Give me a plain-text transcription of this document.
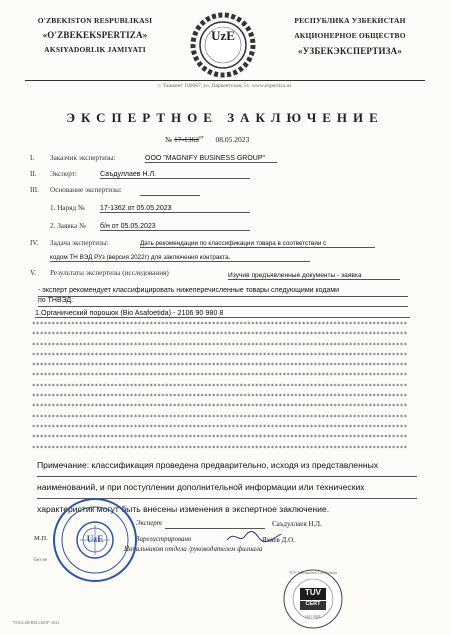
O'ZBEKISTON RESPUBLIKASI
«O'ZBEKEKSPERTIZA»
AKSIYADORLIK JAMIYATI
РЕСПУБЛИКА УЗБЕКИСТАН
АКЦИОНЕРНОЕ ОБЩЕСТВО
«УЗБЕКЭКСПЕРТИЗА»
UzE
г. Ташкент 100007, ул. Паркентская, 51. www.expertiza.uz
ЭКСПЕРТНОЕ ЗАКЛЮЧЕНИЕ
№ $17-1362^{от}$ 08.05.2023
I. Заказчик экспертизы:	ООО "MAGNIFY BUSINESS GROUP"
II. Эксперт:	Саъдуллаев Н.Л.
III. Основание экспертизы:
1. Наряд № 17-1362 от 05.05.2023
2. Заявка № б/н от 05.05.2023
IV. Задача экспертизы:	Дать рекомендации по классификации товара в соответствии с
кодом ТН ВЭД РУз (версия 2022г) для заключения контракта.
V. Результаты экспертизы (исследования)	Изучив предъявленные документы - заявка
- эксперт рекомендует классифицировать нижеперечисленные товары следующими кодами
по ТНВЭД:
1.Органический порошок (Bio Asafoetida) - 2106 90 980 8
************************************************************************************************
************************************************************************************************
************************************************************************************************
************************************************************************************************
************************************************************************************************
************************************************************************************************
************************************************************************************************
************************************************************************************************
************************************************************************************************
************************************************************************************************
************************************************************************************************
************************************************************************************************
************************************************************************************************
Примечание: классификация проведена предварительно, исходя из представленных
наименований, и при поступлении дополнительной информации или технических
характеристик могут быть внесены изменения в экспертное заключение.
Эксперт	Саъдуллаев Н.Л.
М.П.	Зарегистрировано	Яхяев Д.О.
Начальником отдела /руководителем филиала
Без не
UzE
TUV International Certification
TUV
CERT
ISO 9001
"TOULAR BELLEEN" 2024
